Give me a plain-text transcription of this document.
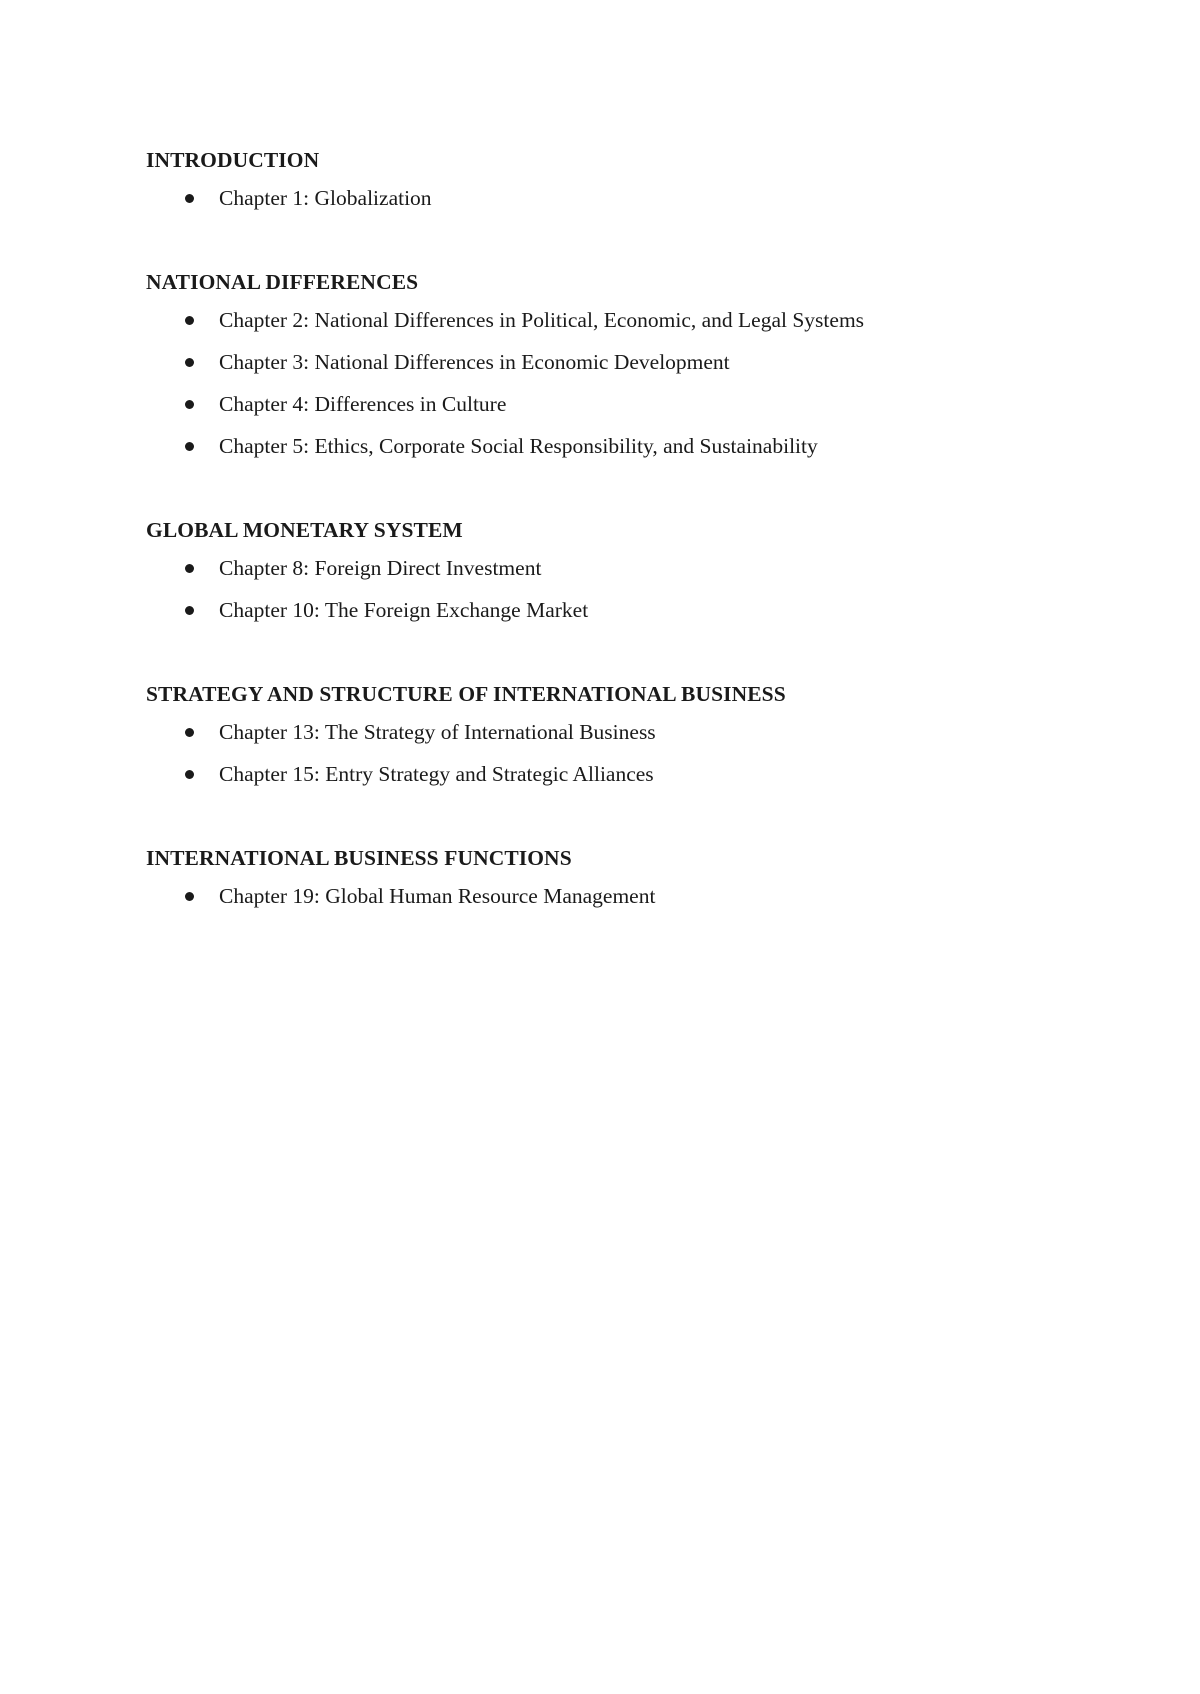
INTRODUCTION
Chapter 1: Globalization
NATIONAL DIFFERENCES
Chapter 2: National Differences in Political, Economic, and Legal Systems
Chapter 3: National Differences in Economic Development
Chapter 4: Differences in Culture
Chapter 5: Ethics, Corporate Social Responsibility, and Sustainability
GLOBAL MONETARY SYSTEM
Chapter 8: Foreign Direct Investment
Chapter 10: The Foreign Exchange Market
STRATEGY AND STRUCTURE OF INTERNATIONAL BUSINESS
Chapter 13: The Strategy of International Business
Chapter 15: Entry Strategy and Strategic Alliances
INTERNATIONAL BUSINESS FUNCTIONS
Chapter 19: Global Human Resource Management
